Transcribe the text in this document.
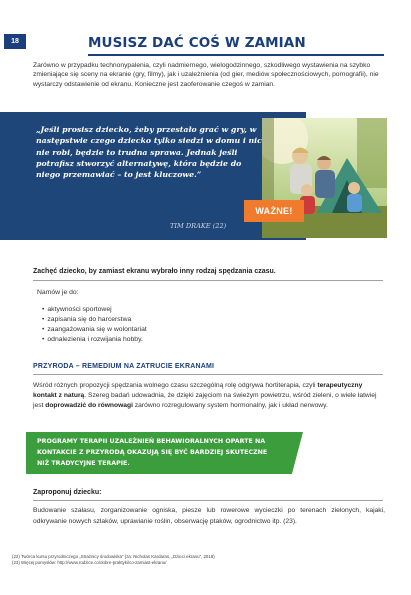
18	MUSISZ DAĆ COŚ W ZAMIAN

Zarówno w przypadku technonypalenia, czyli nadmiernego, wielogodzinnego, szkodliwego wystawienia na szybko zmieniające się sceny na ekranie (gry, filmy), jak i uzależnienia (od gier, mediów społecznościowych, pornografii), nie wystarczy odstawienie od ekranu. Konieczne jest zaoferowanie czegoś w zamian.

„Jeśli prosisz dziecko, żeby przestało grać w gry, w następstwie czego dziecko tylko siedzi w domu i nic nie robi, będzie to trudna sprawa. Jednak jeśli potrafisz stworzyć alternatywę, która będzie do niego przemawiać – to jest kluczowe.”

TIM DRAKE (22)
WAŻNE!

Zachęć dziecko, by zamiast ekranu wybrało inny rodzaj spędzania czasu.

Namów je do:

• aktywności sportowej
• zapisania się do harcerstwa
• zaangażowania się w wolontariat
• odnalezienia i rozwijania hobby.
PRZYRODA – REMEDIUM NA ZATRUCIE EKRANAMI

Wśród różnych propozycji spędzania wolnego czasu szczególną rolę odgrywa hortiterapia, czyli terapeutyczny kontakt z naturą. Szereg badań udowadnia, że dzięki zajęciom na świeżym powietrzu, wśród zieleni, o wiele łatwiej jest doprowadzić do równowagi zarówno rozregulowany system hormonalny, jak i układ nerwowy.

PROGRAMY TERAPII UZALEŻNIEŃ BEHAWIORALNYCH OPARTE NA KONTAKCIE Z PRZYRODĄ OKAZUJĄ SIĘ BYĆ BARDZIEJ SKUTECZNE NIŻ TRADYCYJNE TERAPIE.

Zaproponuj dziecku:

Budowanie szałasu, zorganizowanie ogniska, piesze lub rowerowe wycieczki po terenach zielonych, kajaki, odkrywanie nowych szlaków, uprawianie roślin, obserwację ptaków, ogrodnictwo itp. (23).

(22) Twórca kursu przyrodniczego „Strażnicy środowiska” (za: Nicholas Kardaras, „Dzieci ekranu”, 2018)
(23) Więcej pomysłów: http://www.rodzice.co/dobre-praktyki/co-zamiast-ekranu/
